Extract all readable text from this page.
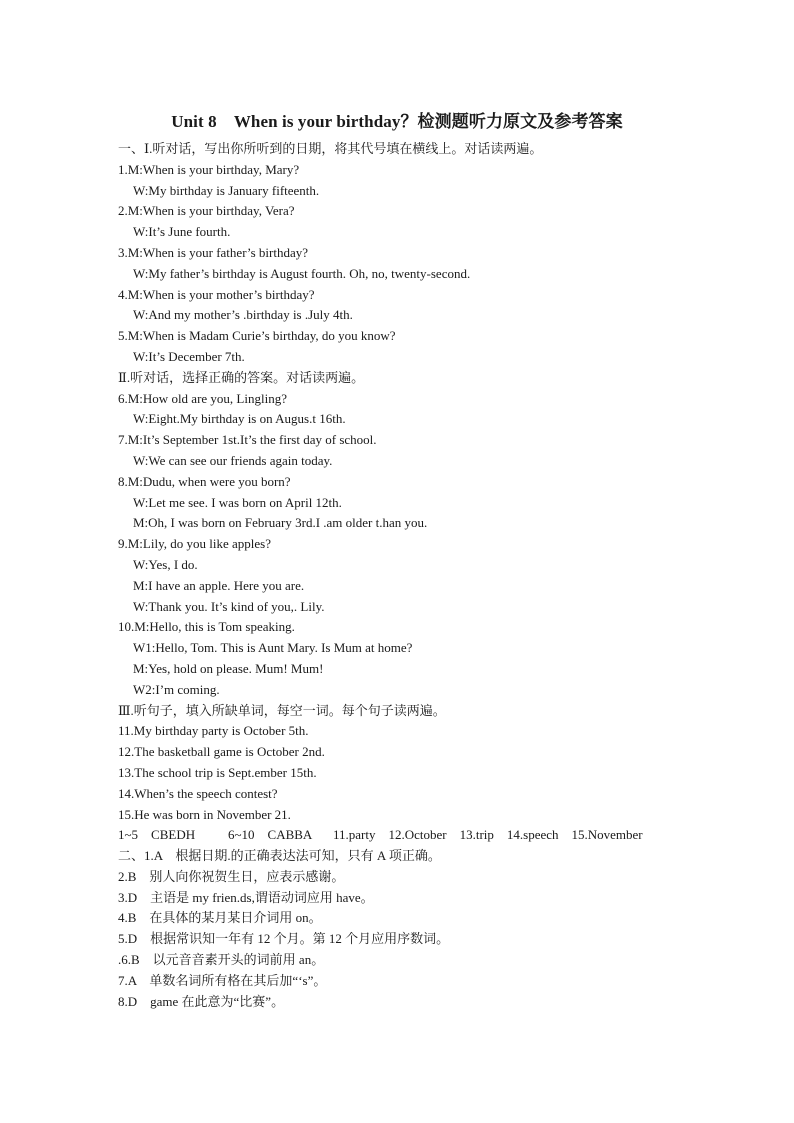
Unit 8　When is your birthday？检测题听力原文及参考答案
一、Ⅰ.听对话，写出你所听到的日期，将其代号填在横线上。对话读两遍。
1.M:When is your birthday, Mary?
W:My birthday is January fifteenth.
2.M:When is your birthday, Vera?
W:It’s June fourth.
3.M:When is your father’s birthday?
W:My father’s birthday is August fourth. Oh, no, twenty-second.
4.M:When is your mother’s birthday?
W:And my mother’s .birthday is .July 4th.
5.M:When is Madam Curie’s birthday, do you know?
W:It’s December 7th.
Ⅱ.听对话，选择正确的答案。对话读两遍。
6.M:How old are you, Lingling?
W:Eight.My birthday is on Augus.t 16th.
7.M:It’s September 1st.It’s the first day of school.
W:We can see our friends again today.
8.M:Dudu, when were you born?
W:Let me see. I was born on April 12th.
M:Oh, I was born on February 3rd.I .am older t.han you.
9.M:Lily, do you like apples?
W:Yes, I do.
M:I have an apple. Here you are.
W:Thank you. It’s kind of you,. Lily.
10.M:Hello, this is Tom speaking.
W1:Hello, Tom. This is Aunt Mary. Is Mum at home?
M:Yes, hold on please. Mum! Mum!
W2:I’m coming.
Ⅲ.听句子，填入所缺单词，每空一词。每个句子读两遍。
11.My birthday party is October 5th.
12.The basketball game is October 2nd.
13.The school trip is Sept.ember 15th.
14.When’s the speech contest?
15.He was born in November 21.
1~5　CBEDH	6~10　CABBA 11.party　12.October　13.trip　14.speech　15.November
二、1.A　根据日期.的正确表达法可知，只有 A 项正确。
2.B　别人向你祝贺生日，应表示感谢。
3.D　主语是 my frien.ds,谓语动词应用 have。
4.B　在具体的某月某日介词用 on。
5.D　根据常识知一年有 12 个月。第 12 个月应用序数词。
.6.B　以元音音素开头的词前用 an。
7.A　单数名词所有格在其后加“‘s”。
8.D　game 在此意为“比赛”。
